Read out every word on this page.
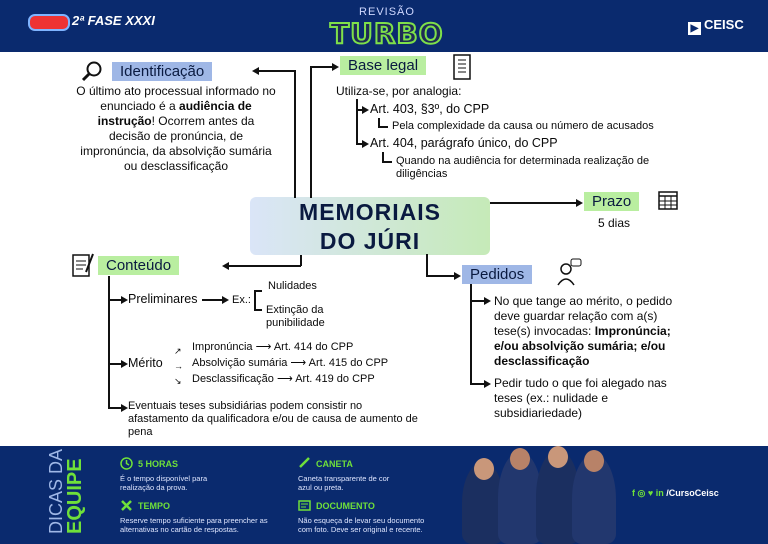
2ª FASE XXXI
REVISÃO
TURBO	▶ CEISC
Identificação
O último ato processual informado no enunciado é a audiência de instrução! Ocorrem antes da decisão de pronúncia, de impronúncia, da absolvição sumária ou desclassificação
Base legal
Utiliza-se, por analogia:
Art. 403, §3º, do CPP
Pela complexidade da causa ou número de acusados
Art. 404, parágrafo único, do CPP
Quando na audiência for determinada realização de diligências
MEMORIAIS
DO JÚRI
Prazo
5 dias
Conteúdo
Preliminares	Ex.:
Nulidades
Extinção da punibilidade
Mérito
Impronúncia ⟶ Art. 414 do CPP
Absolvição sumária ⟶ Art. 415 do CPP
Desclassificação ⟶ Art. 419 do CPP
↗
→
↘
Eventuais teses subsidiárias podem consistir no afastamento da qualificadora e/ou de causa de aumento de pena
Pedidos
No que tange ao mérito, o pedido deve guardar relação com a(s) tese(s) invocadas: Impronúncia; e/ou absolvição sumária; e/ou desclassificação
Pedir tudo o que foi alegado nas teses (ex.: nulidade e subsidiariedade)
DICAS DA
EQUIPE	5 HORAS
É o tempo disponível para realização da prova.
CANETA
Caneta transparente de cor azul ou preta.
TEMPO
Reserve tempo suficiente para preencher as alternativas no cartão de respostas.
DOCUMENTO
Não esqueça de levar seu documento com foto. Deve ser original e recente.
f ◎ ♥ in /CursoCeisc
